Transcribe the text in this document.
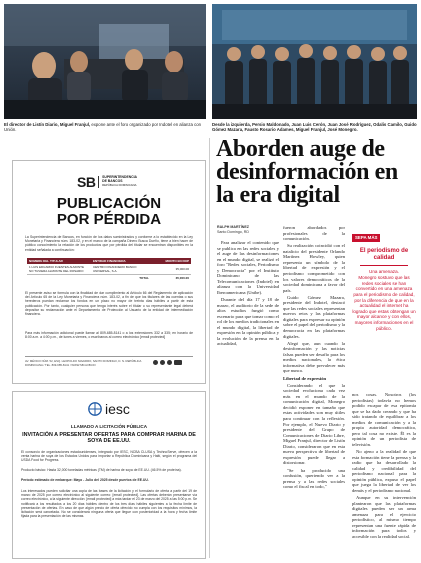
El director de Listín Diario, Miguel Franjul, expone ante el foro organizado por Indotel en alianza con Unión.
Desde la izquierda, Persio Maldonado, Juan Luis Cerón, Juan José Rodríguez, Odalis Camilo, Guido Gómez Mazara, Fausto Rosario Adames, Miguel Franjul, José Monegro.
Aborden auge de desinformación en la era digital
RALPH MARTÍNEZ
Santo Domingo, RD

Para analizar el contenido que se publica en las redes sociales y el auge de las desinformaciones en el mundo digital, se realizó el foro "Redes sociales, Periodismo y Democracia" por el Instituto Dominicano de las Telecomunicaciones (Indotel) en alianza con la Universidad Iberoamericana (Unibe).

Durante del día 17 y 18 de marzo, el auditorio de la sede de altos estudios fungió como escenario para que tomar como el rol de los medios tradicionales en el mundo digital, la libertad de expresión en la opinión pública y la evolución de la prensa en la actualidad,

fueron abordados por profesionales de la comunicación.

Su realización coincidió con el natalicio del presidente Orlando Martínez Howley, quien representa un símbolo de la libertad de expresión y el periodismo comprometido con los valores democráticos de la sociedad dominicana a favor del país.

Guido Gómez Mazara, presidente del Indotel, destacó que las redes sociales representan nuevos retos y las plataformas digitales para expresar su opinión sobre el papel del periodismo y la democracia en las plataformas digitales.

Alegó que, aun cuando la desinformación y las noticias falsas pueden ser desafío para los medios nacionales, la ética informativa debe prevalecer más que nunca.

Libertad de expresión

Considerando el que la sociedad evoluciona cada vez más en el mundo de la comunicación digital, Monegro decidió exponer en tamaño que estas actividades son muy útiles para continuar con la reflexión. Por ejemplo, el Nuevo Diario y presidente del Grupo de Comunicaciones de Diario Libre, Miguel Franjul, director de Listín Diario, consideraron que en esta nueva perspectiva de libertad de expresión puede llegar a distorsionar.

"Se ha producido una confusión, queriendo ver a la prensa y a las redes sociales como el fiscal en todo,"

nos cosas. Nosotros (los periodistas) todavía no hemos podido escapar de esa epitomía que se ha dado creando y que ha sido tratando de equilibrar a los medios de comunicación y a la propia autoridad democrática, pero tal cosa no existe. Él es la opinión de un periodista de televisión.

No ajeno a la realidad de que esta formación tiene la prensa y la radio que ha desarrollado la calidad y credibilidad del periodismo nacional para la opinión pública, expuso el papel que juega la libertad de ver los demás y el periodismo nacional.

Aunque en su intervención plantearon que las plataformas digitales pueden ser un arma amenaza para el ejercicio periodístico, al mismo tiempo representan una fuente rápida de información para todos y accesible con la realidad social.

SEPA MÁS
El periodismo de calidad
Una amenaza.
Monegro sostuvo que las redes sociales se han convertido en una amenaza para el periodismo de calidad, por la diferencia de que en la actualidad el internet ha logrado que estas obtengan un mayor alcance y con ellos, mayores informaciones en el público.
SB SUPERINTENDENCIA
DE BANCOS
REPÚBLICA DOMINICANA
PUBLICACIÓN
POR PÉRDIDA
La Superintendencia de Bancos, en función de los datos suministrados y conforme a lo establecido en la Ley Monetaria y Financiera núm. 183-02, y en el marco de la campaña Dinero Busca Dueño, tiene a bien hacer de público conocimiento la relación de los productos que por pérdida del titular se encuentran disponibles en la entidad señalada a continuación:
NOMBRE DEL TITULAR	ENTIDAD FINANCIERA	MONTO EN DOP
1 LUIS EDUARDO FUENTES ALMONTE NO TUVIERA ALMONTE DEL ROSARIO	CENTRO FINANCIERO BANCO UNIVERSAL, S.A.	35,000.00
	TOTAL	35,000.00
El presente aviso se formula con la finalidad de dar cumplimiento al Artículo 66 del Reglamento de aplicación del Artículo 65 de la Ley Monetaria y Financiera núm. 183-02, a fin de que los titulares de las cuentas o sus herederos puedan reclamar los fondos en un plazo no mayor de treinta días hábiles a partir de esta publicación. Por tanto, cualquier persona que tenga interés sobre el titular o su representante legal deberá depositar su reclamación ante el Departamento de Protección al Usuario de la entidad de intermediación financiera.
Para más información adicional puede llamar al 809-685-8141 o a los extensiones 332 a 335; en horario de 8:00 a.m. a 4:00 p.m., de lunes a viernes, o escríbanos al correo electrónico [email protected]
AV. MÉXICO NÚM. 52, ESQ. LEOPOLDO NAVARRO, SANTO DOMINGO, D. N. REPÚBLICA DOMINICANA / TEL. 809-685-8141 / WWW.SB.GOB.DO
iesc
LLAMADO A LICITACIÓN PÚBLICA
INVITACIÓN A PRESENTAR OFERTAS PARA COMPRAR HARINA DE SOYA DE EE.UU.
El consorcio de organizaciones estadounidenses, integrado por IESC, NCBA CLUSA y TechnoServe, ofrecen a la venta harina de soya de los Estados Unidos para importar a República Dominicana y Haití, según el programa del USDA Food for Progress.
Producto básico: Hasta 32,000 toneladas métricas (TM) de harina de soya de EE.UU. (46.5% de proteína).
Período estimado de embarque: Mayo - Julio del 2025 desde puertos de EE.UU.
Los interesados pueden solicitar una copia de las bases de la licitación y el formulario de oferta a partir del 19 de marzo de 2025 por correo electrónico al siguiente correo: [email protected]. Las ofertas deberán presentarse vía correo electrónico, a la siguiente dirección: [email protected] a más tardar el 23 de marzo del 2025 a las 5:00 p.m. Se notificará a los resultados a los 20 días hábiles dentro de los tres días hábiles siguientes a la fecha límite de presentación de ofertas. En caso de que algún precio de oferta ofrecido no cumpla con los requisitos mínimos, la licitación será cancelada. No se considerará ninguna oferta que llegue con posterioridad a la hora y fecha límite fijada para la presentación de las mismas.
